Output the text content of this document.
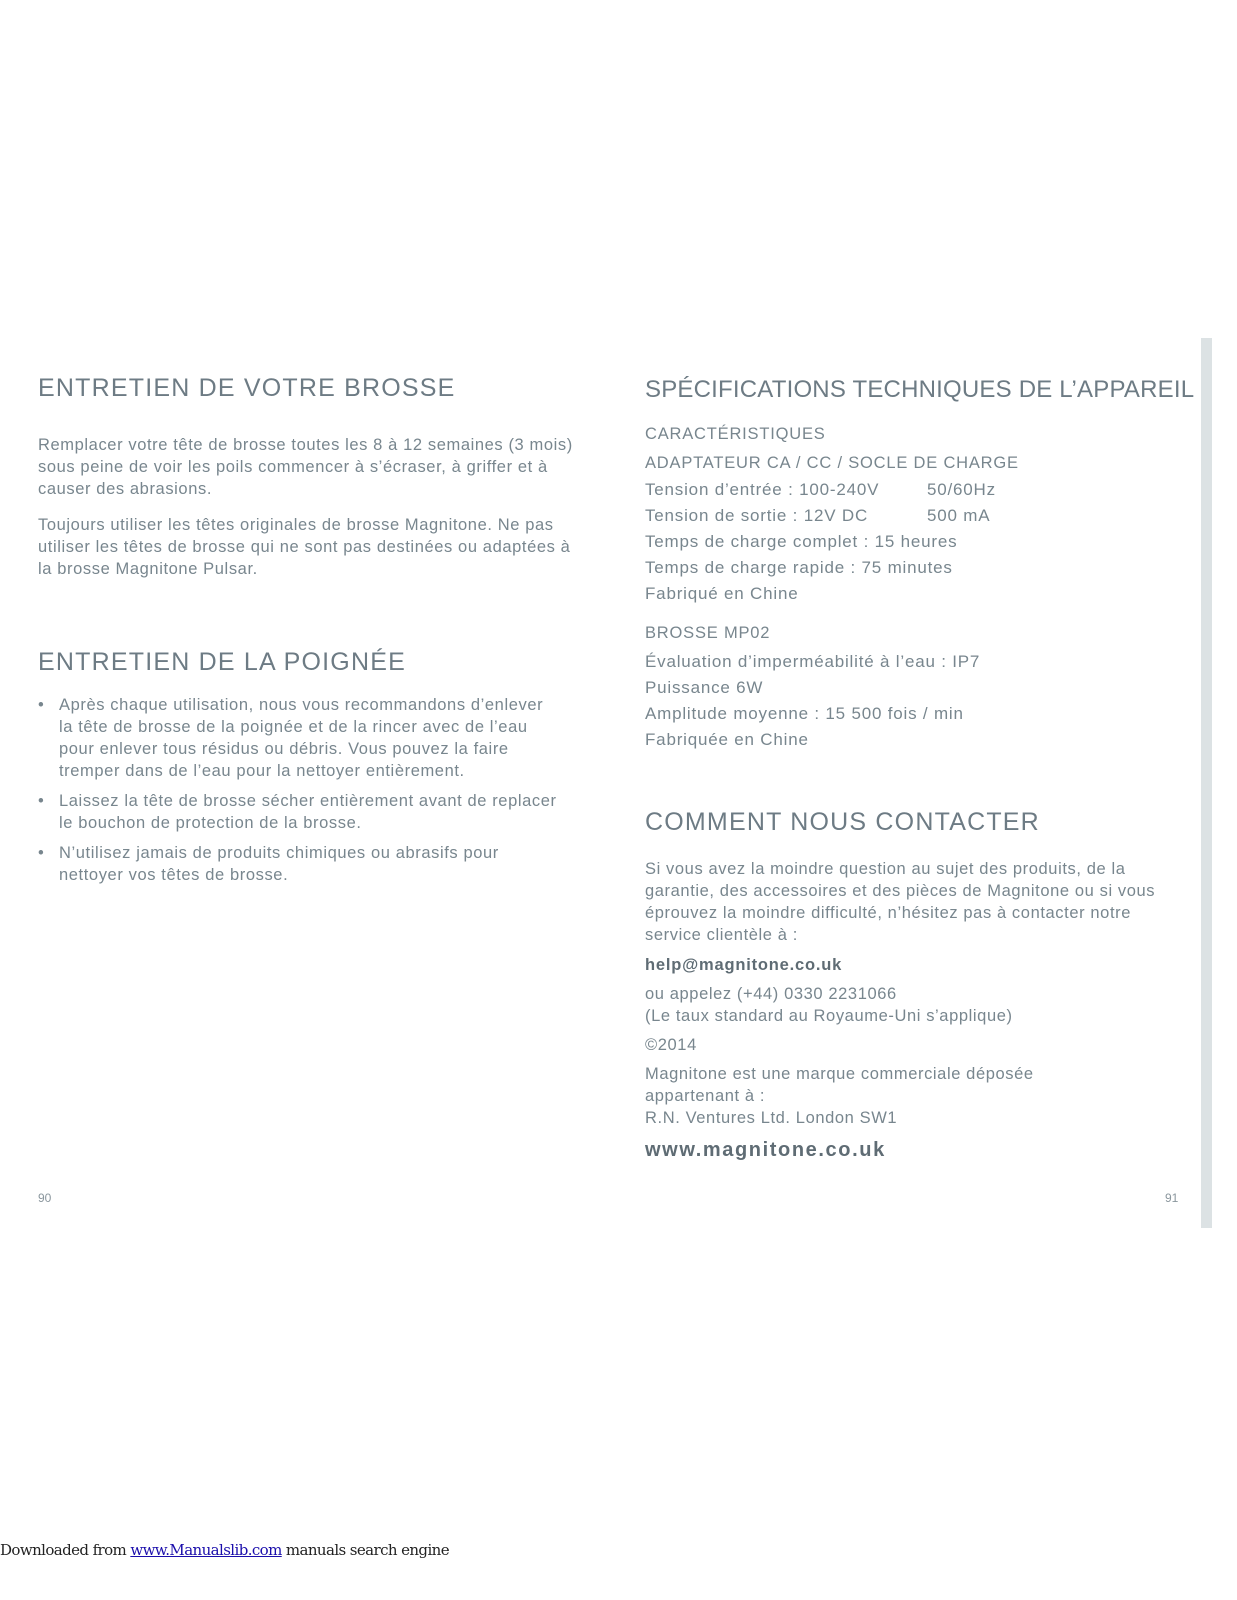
ENTRETIEN DE VOTRE BROSSE

Remplacer votre tête de brosse toutes les 8 à 12 semaines (3 mois) sous peine de voir les poils commencer à s’écraser, à griffer et à causer des abrasions.

Toujours utiliser les têtes originales de brosse Magnitone. Ne pas utiliser les têtes de brosse qui ne sont pas destinées ou adaptées à la brosse Magnitone Pulsar.

ENTRETIEN DE LA POIGNÉE
• Après chaque utilisation, nous vous recommandons d’enlever la tête de brosse de la poignée et de la rincer avec de l’eau pour enlever tous résidus ou débris. Vous pouvez la faire tremper dans de l’eau pour la nettoyer entièrement.
• Laissez la tête de brosse sécher entièrement avant de replacer le bouchon de protection de la brosse.
• N’utilisez jamais de produits chimiques ou abrasifs pour nettoyer vos têtes de brosse.
90
SPÉCIFICATIONS TECHNIQUES DE L’APPAREIL
CARACTÉRISTIQUES
ADAPTATEUR CA / CC / SOCLE DE CHARGE
Tension d’entrée : 100-240V	50/60Hz
Tension de sortie : 12V DC	500 mA
Temps de charge complet : 15 heures
Temps de charge rapide : 75 minutes
Fabriqué en Chine
BROSSE MP02
Évaluation d’imperméabilité à l’eau : IP7
Puissance 6W
Amplitude moyenne : 15 500 fois / min
Fabriquée en Chine
COMMENT NOUS CONTACTER

Si vous avez la moindre question au sujet des produits, de la garantie, des accessoires et des pièces de Magnitone ou si vous éprouvez la moindre difficulté, n’hésitez pas à contacter notre service clientèle à :

help@magnitone.co.uk
ou appelez (+44) 0330 2231066
(Le taux standard au Royaume-Uni s’applique)
©2014
Magnitone est une marque commerciale déposée
appartenant à :
R.N. Ventures Ltd. London SW1
www.magnitone.co.uk
91
Downloaded from www.Manualslib.com manuals search engine
